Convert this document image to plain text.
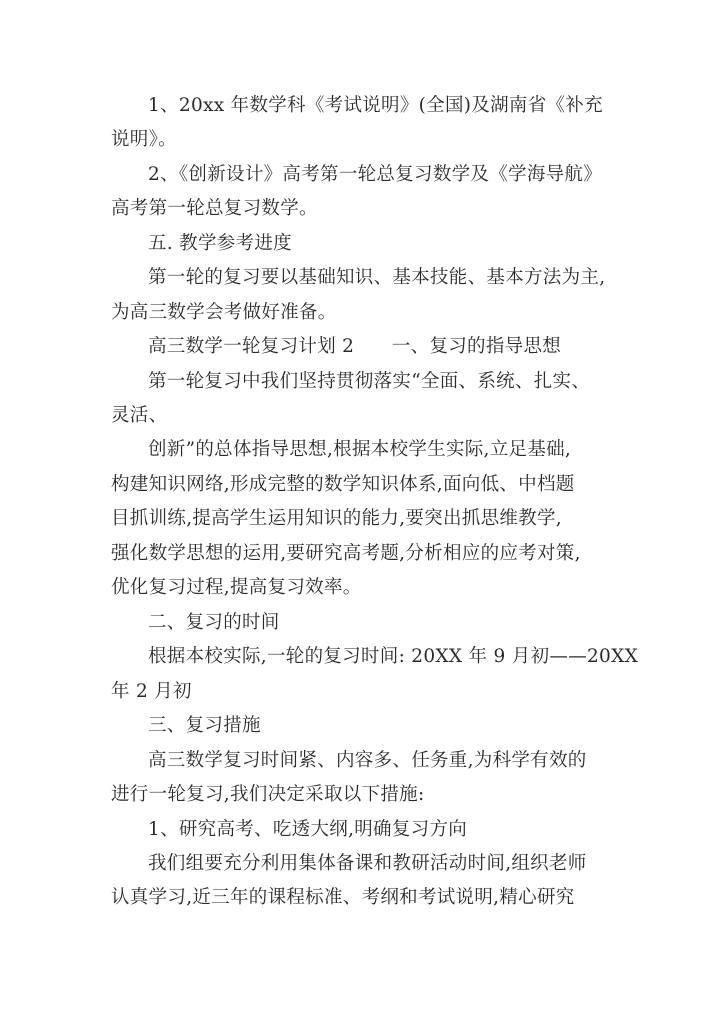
1、20xx 年数学科《考试说明》(全国)及湖南省《补充
说明》。
2、《创新设计》高考第一轮总复习数学及《学海导航》
高考第一轮总复习数学。
五. 教学参考进度
第一轮的复习要以基础知识、基本技能、基本方法为主,
为高三数学会考做好准备。
高三数学一轮复习计划 2　　一、复习的指导思想
第一轮复习中我们坚持贯彻落实“全面、系统、扎实、
灵活、
创新”的总体指导思想,根据本校学生实际,立足基础,
构建知识网络,形成完整的数学知识体系,面向低、中档题
目抓训练,提高学生运用知识的能力,要突出抓思维教学,
强化数学思想的运用,要研究高考题,分析相应的应考对策,
优化复习过程,提高复习效率。
二、复习的时间
根据本校实际,一轮的复习时间: 20XX 年 9 月初——20XX
年 2 月初
三、复习措施
高三数学复习时间紧、内容多、任务重,为科学有效的
进行一轮复习,我们决定采取以下措施:
1、研究高考、吃透大纲,明确复习方向
我们组要充分利用集体备课和教研活动时间,组织老师
认真学习,近三年的课程标准、考纲和考试说明,精心研究
